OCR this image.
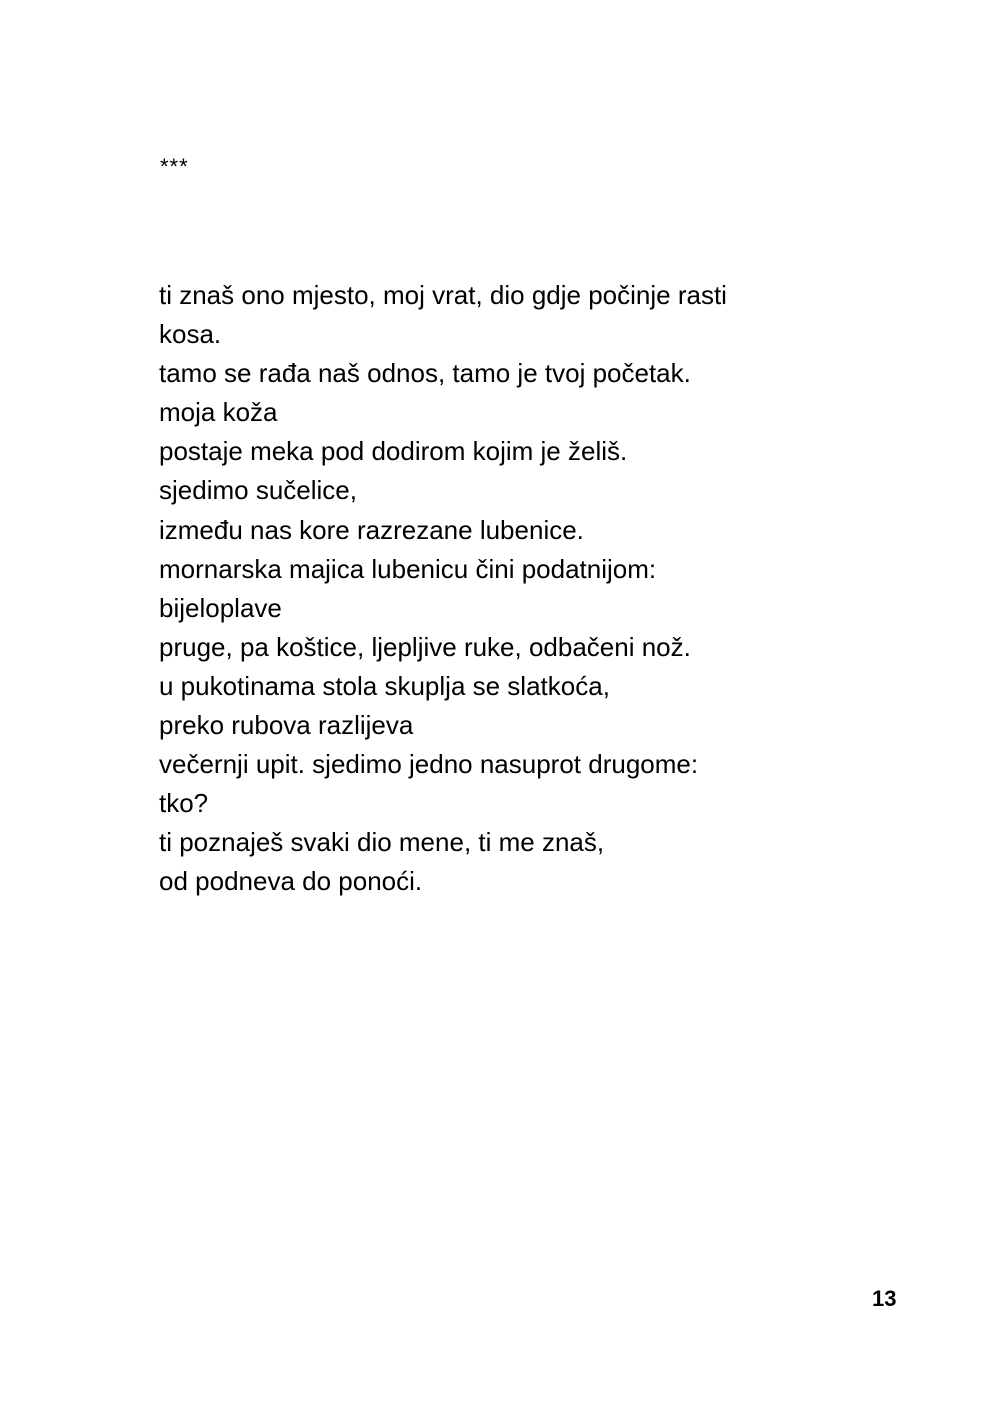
***
ti znaš ono mjesto, moj vrat, dio gdje počinje rasti
kosa.
tamo se rađa naš odnos, tamo je tvoj početak.
moja koža
postaje meka pod dodirom kojim je želiš.
sjedimo sučelice,
između nas kore razrezane lubenice.
mornarska majica lubenicu čini podatnijom:
bijeloplave
pruge, pa koštice, ljepljive ruke, odbačeni nož.
u pukotinama stola skuplja se slatkoća,
preko rubova razlijeva
večernji upit. sjedimo jedno nasuprot drugome:
tko?
ti poznaješ svaki dio mene, ti me znaš,
od podneva do ponoći.
13
